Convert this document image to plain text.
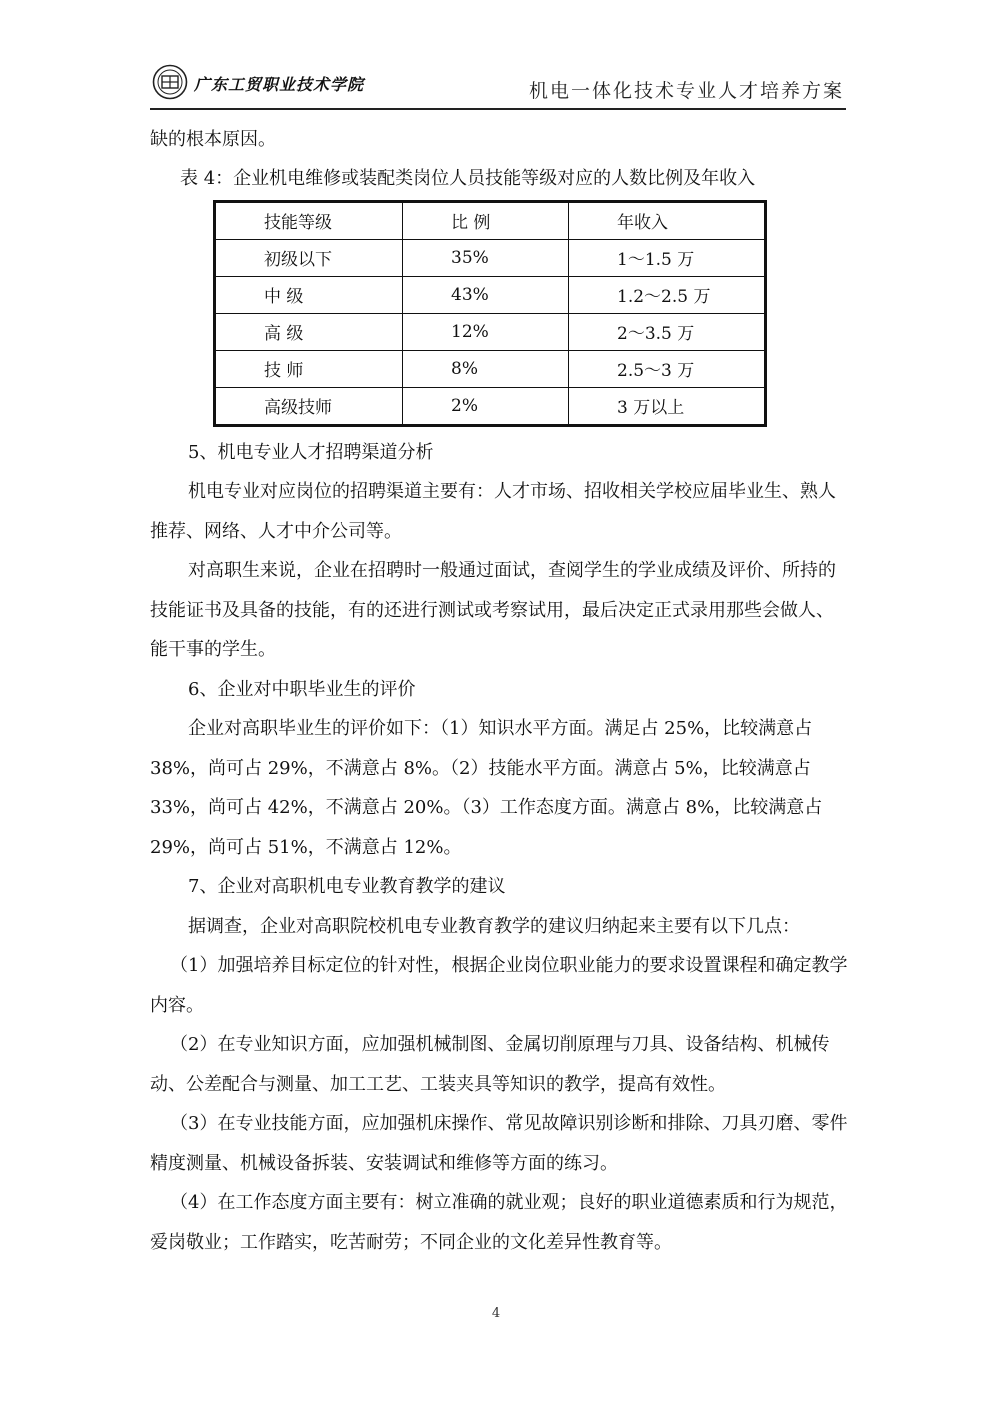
广东工贸职业技术学院	机电一体化技术专业人才培养方案

缺的根本原因。

表 4：企业机电维修或装配类岗位人员技能等级对应的人数比例及年收入

技能等级	比 例	年收入
初级以下	35%	1～1.5 万
中 级	43%	1.2～2.5 万
高 级	12%	2～3.5 万
技 师	8%	2.5～3 万
高级技师	2%	3 万以上

5、机电专业人才招聘渠道分析

机电专业对应岗位的招聘渠道主要有：人才市场、招收相关学校应届毕业生、熟人推荐、网络、人才中介公司等。

对高职生来说，企业在招聘时一般通过面试，查阅学生的学业成绩及评价、所持的技能证书及具备的技能，有的还进行测试或考察试用，最后决定正式录用那些会做人、能干事的学生。

6、企业对中职毕业生的评价

企业对高职毕业生的评价如下：（1）知识水平方面。满足占 25%，比较满意占 38%，尚可占 29%，不满意占 8%。（2）技能水平方面。满意占 5%，比较满意占 33%，尚可占 42%，不满意占 20%。（3）工作态度方面。满意占 8%，比较满意占 29%，尚可占 51%，不满意占 12%。

7、企业对高职机电专业教育教学的建议

据调查，企业对高职院校机电专业教育教学的建议归纳起来主要有以下几点：

（1）加强培养目标定位的针对性，根据企业岗位职业能力的要求设置课程和确定教学内容。

（2）在专业知识方面，应加强机械制图、金属切削原理与刀具、设备结构、机械传动、公差配合与测量、加工工艺、工装夹具等知识的教学，提高有效性。

（3）在专业技能方面，应加强机床操作、常见故障识别诊断和排除、刀具刃磨、零件精度测量、机械设备拆装、安装调试和维修等方面的练习。

（4）在工作态度方面主要有：树立准确的就业观；良好的职业道德素质和行为规范，爱岗敬业；工作踏实，吃苦耐劳；不同企业的文化差异性教育等。

4
